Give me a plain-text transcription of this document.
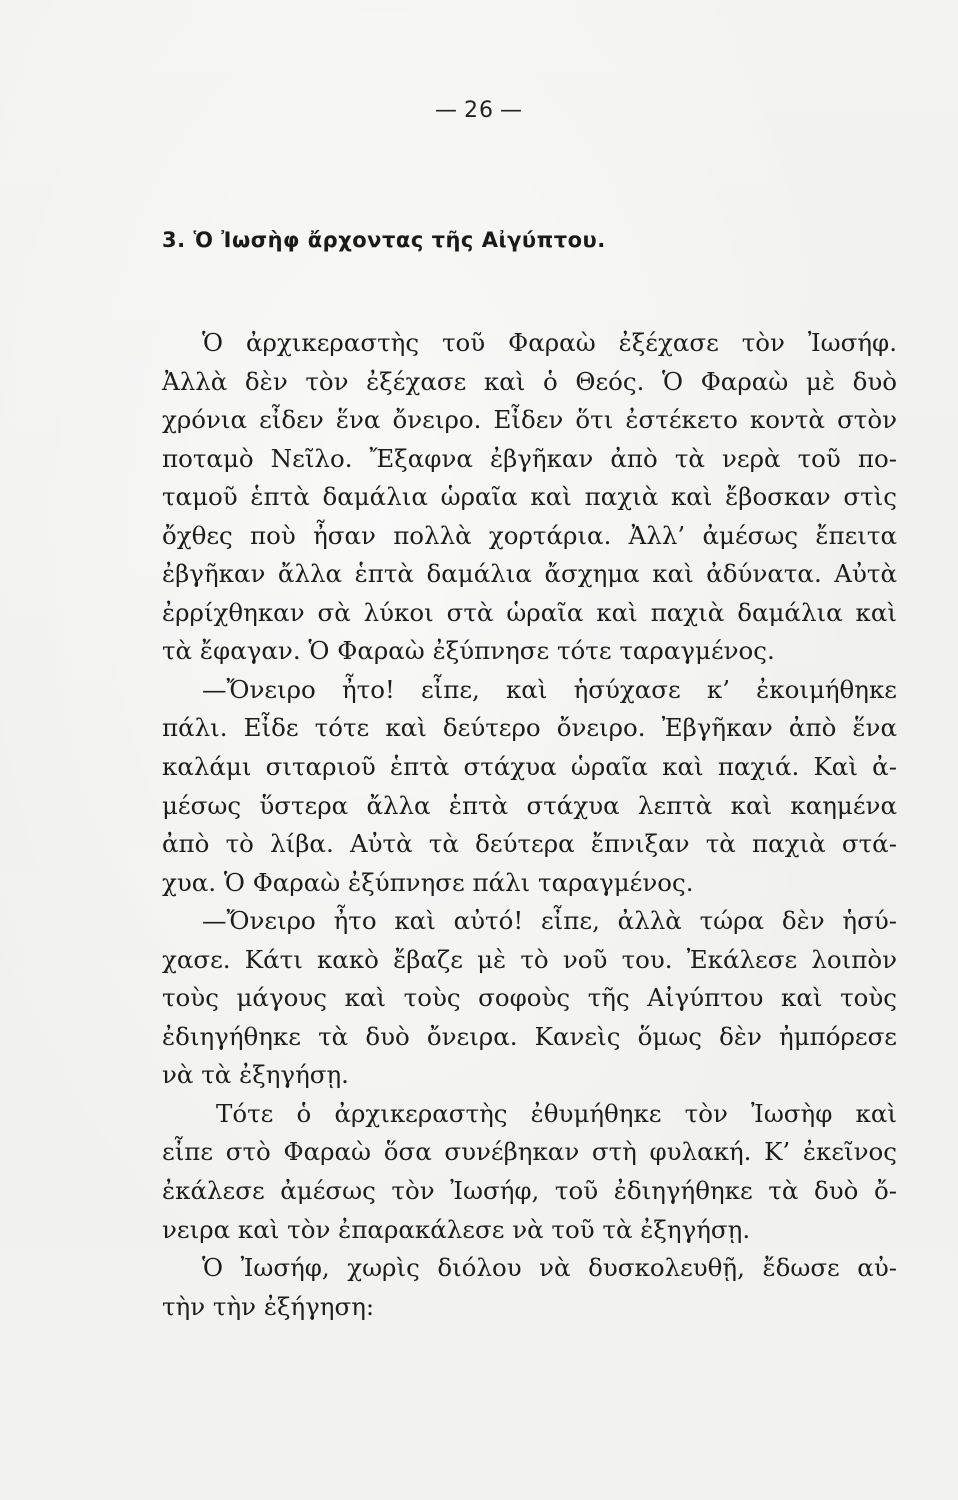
— 26 —
3. Ὁ Ἰωσὴφ ἄρχοντας τῆς Αἰγύπτου.
Ὁ ἀρχικεραστὴς τοῦ Φαραὼ ἐξέχασε τὸν Ἰωσήφ.
Ἀλλὰ δὲν τὸν ἐξέχασε καὶ ὁ Θεός. Ὁ Φαραὼ μὲ δυὸ
χρόνια εἶδεν ἕνα ὄνειρο. Εἶδεν ὅτι ἐστέκετο κοντὰ στὸν
ποταμὸ Νεῖλο. Ἔξαφνα ἐβγῆκαν ἀπὸ τὰ νερὰ τοῦ πο-
ταμοῦ ἑπτὰ δαμάλια ὡραῖα καὶ παχιὰ καὶ ἔβοσκαν στὶς
ὄχθες ποὺ ἦσαν πολλὰ χορτάρια. Ἀλλ’ ἀμέσως ἔπειτα
ἐβγῆκαν ἄλλα ἑπτὰ δαμάλια ἄσχημα καὶ ἀδύνατα. Αὐτὰ
ἐρρίχθηκαν σὰ λύκοι στὰ ὡραῖα καὶ παχιὰ δαμάλια καὶ
τὰ ἔφαγαν. Ὁ Φαραὼ ἐξύπνησε τότε ταραγμένος.
—Ὄνειρο ἦτο! εἶπε, καὶ ἡσύχασε κ’ ἐκοιμήθηκε
πάλι. Εἶδε τότε καὶ δεύτερο ὄνειρο. Ἐβγῆκαν ἀπὸ ἕνα
καλάμι σιταριοῦ ἑπτὰ στάχυα ὡραῖα καὶ παχιά. Καὶ ἀ-
μέσως ὕστερα ἄλλα ἑπτὰ στάχυα λεπτὰ καὶ καημένα
ἀπὸ τὸ λίβα. Αὐτὰ τὰ δεύτερα ἔπνιξαν τὰ παχιὰ στά-
χυα. Ὁ Φαραὼ ἐξύπνησε πάλι ταραγμένος.
—Ὄνειρο ἦτο καὶ αὐτό! εἶπε, ἀλλὰ τώρα δὲν ἡσύ-
χασε. Κάτι κακὸ ἔβαζε μὲ τὸ νοῦ του. Ἐκάλεσε λοιπὸν
τοὺς μάγους καὶ τοὺς σοφοὺς τῆς Αἰγύπτου καὶ τοὺς
ἐδιηγήθηκε τὰ δυὸ ὄνειρα. Κανεὶς ὅμως δὲν ἠμπόρεσε
νὰ τὰ ἐξηγήσῃ.
Τότε ὁ ἀρχικεραστὴς ἐθυμήθηκε τὸν Ἰωσὴφ καὶ
εἶπε στὸ Φαραὼ ὅσα συνέβηκαν στὴ φυλακή. Κ’ ἐκεῖνος
ἐκάλεσε ἀμέσως τὸν Ἰωσήφ, τοῦ ἐδιηγήθηκε τὰ δυὸ ὄ-
νειρα καὶ τὸν ἐπαρακάλεσε νὰ τοῦ τὰ ἐξηγήσῃ.
Ὁ Ἰωσήφ, χωρὶς διόλου νὰ δυσκολευθῇ, ἔδωσε αὐ-
τὴν τὴν ἐξήγηση:
